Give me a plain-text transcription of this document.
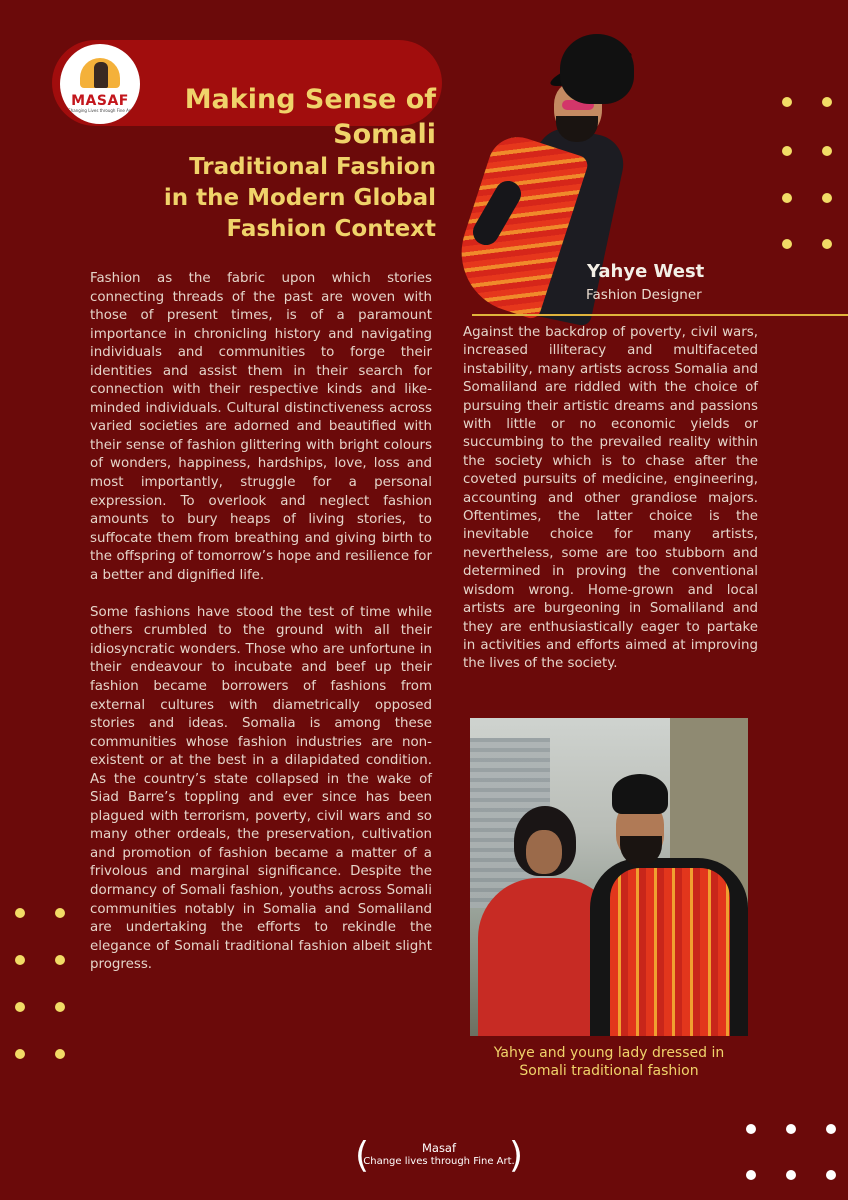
MASAF
Changing Lives through Fine Art	Making Sense of
Somali
Traditional Fashion
in the Modern Global
Fashion Context
Yahye West
Fashion Designer

Fashion as the fabric upon which stories connecting threads of the past are woven with those of present times, is of a paramount importance in chronicling history and navigating individuals and communities to forge their identities and assist them in their search for connection with their respective kinds and like-minded individuals. Cultural distinctiveness across varied societies are adorned and beautified with their sense of fashion glittering with bright colours of wonders, happiness, hardships, love, loss and most importantly, struggle for a personal expression. To overlook and neglect fashion amounts to bury heaps of living stories, to suffocate them from breathing and giving birth to the offspring of tomorrow’s hope and resilience for a better and dignified life.

Some fashions have stood the test of time while others crumbled to the ground with all their idiosyncratic wonders. Those who are unfortune in their endeavour to incubate and beef up their fashion became borrowers of fashions from external cultures with diametrically opposed stories and ideas. Somalia is among these communities whose fashion industries are non-existent or at the best in a dilapidated condition. As the country’s state collapsed in the wake of Siad Barre’s toppling and ever since has been plagued with terrorism, poverty, civil wars and so many other ordeals, the preservation, cultivation and promotion of fashion became a matter of a frivolous and marginal significance. Despite the dormancy of Somali fashion, youths across Somali communities notably in Somalia and Somaliland are undertaking the efforts to rekindle the elegance of Somali traditional fashion albeit slight progress.

Against the backdrop of poverty, civil wars, increased illiteracy and multifaceted instability, many artists across Somalia and Somaliland are riddled with the choice of pursuing their artistic dreams and passions with little or no economic yields or succumbing to the prevailed reality within the society which is to chase after the coveted pursuits of medicine, engineering, accounting and other grandiose majors. Oftentimes, the latter choice is the inevitable choice for many artists, nevertheless, some are too stubborn and determined in proving the conventional wisdom wrong. Home-grown and local artists are burgeoning in Somaliland and they are enthusiastically eager to partake in activities and efforts aimed at improving the lives of the society.

Yahye and young lady dressed in
Somali traditional fashion
(	Masaf
Change lives through Fine Art.
)
